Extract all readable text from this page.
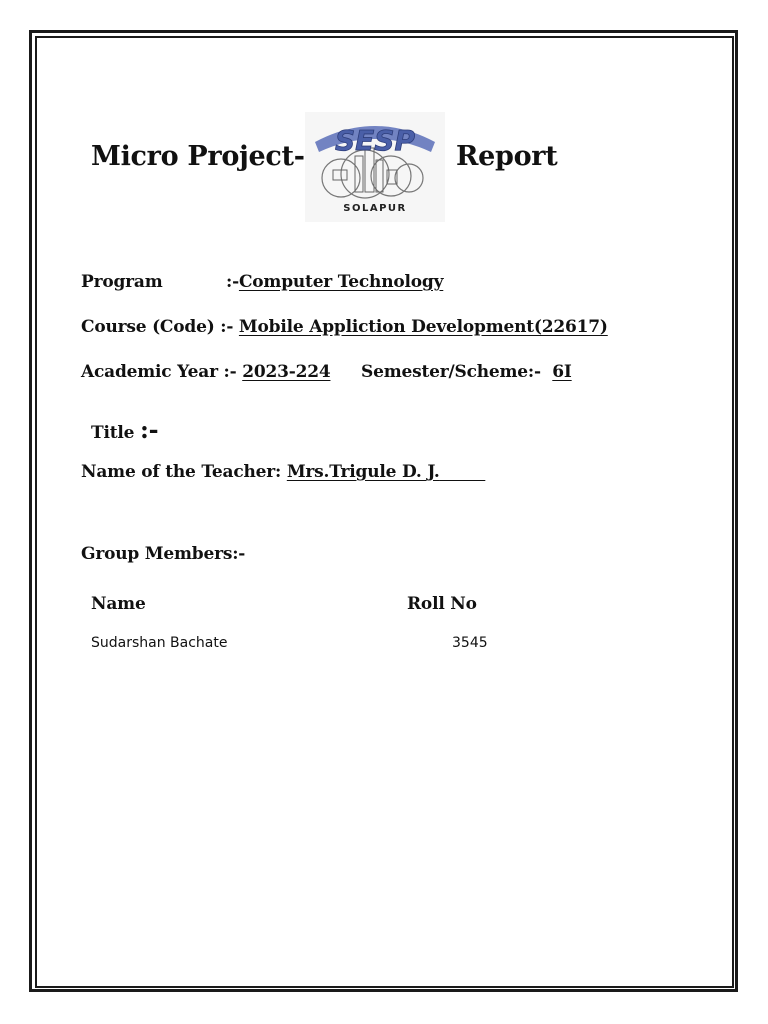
Micro Project-	Report
SESP
SOLAPUR
Program	:-Computer Technology
Course (Code) :- Mobile Appliction Development(22617)
Academic Year :- 2023-224 Semester/Scheme:- 6I
Title :-
Name of the Teacher: Mrs.Trigule D. J.
Group Members:-
Name	Roll No
Sudarshan Bachate	3545
